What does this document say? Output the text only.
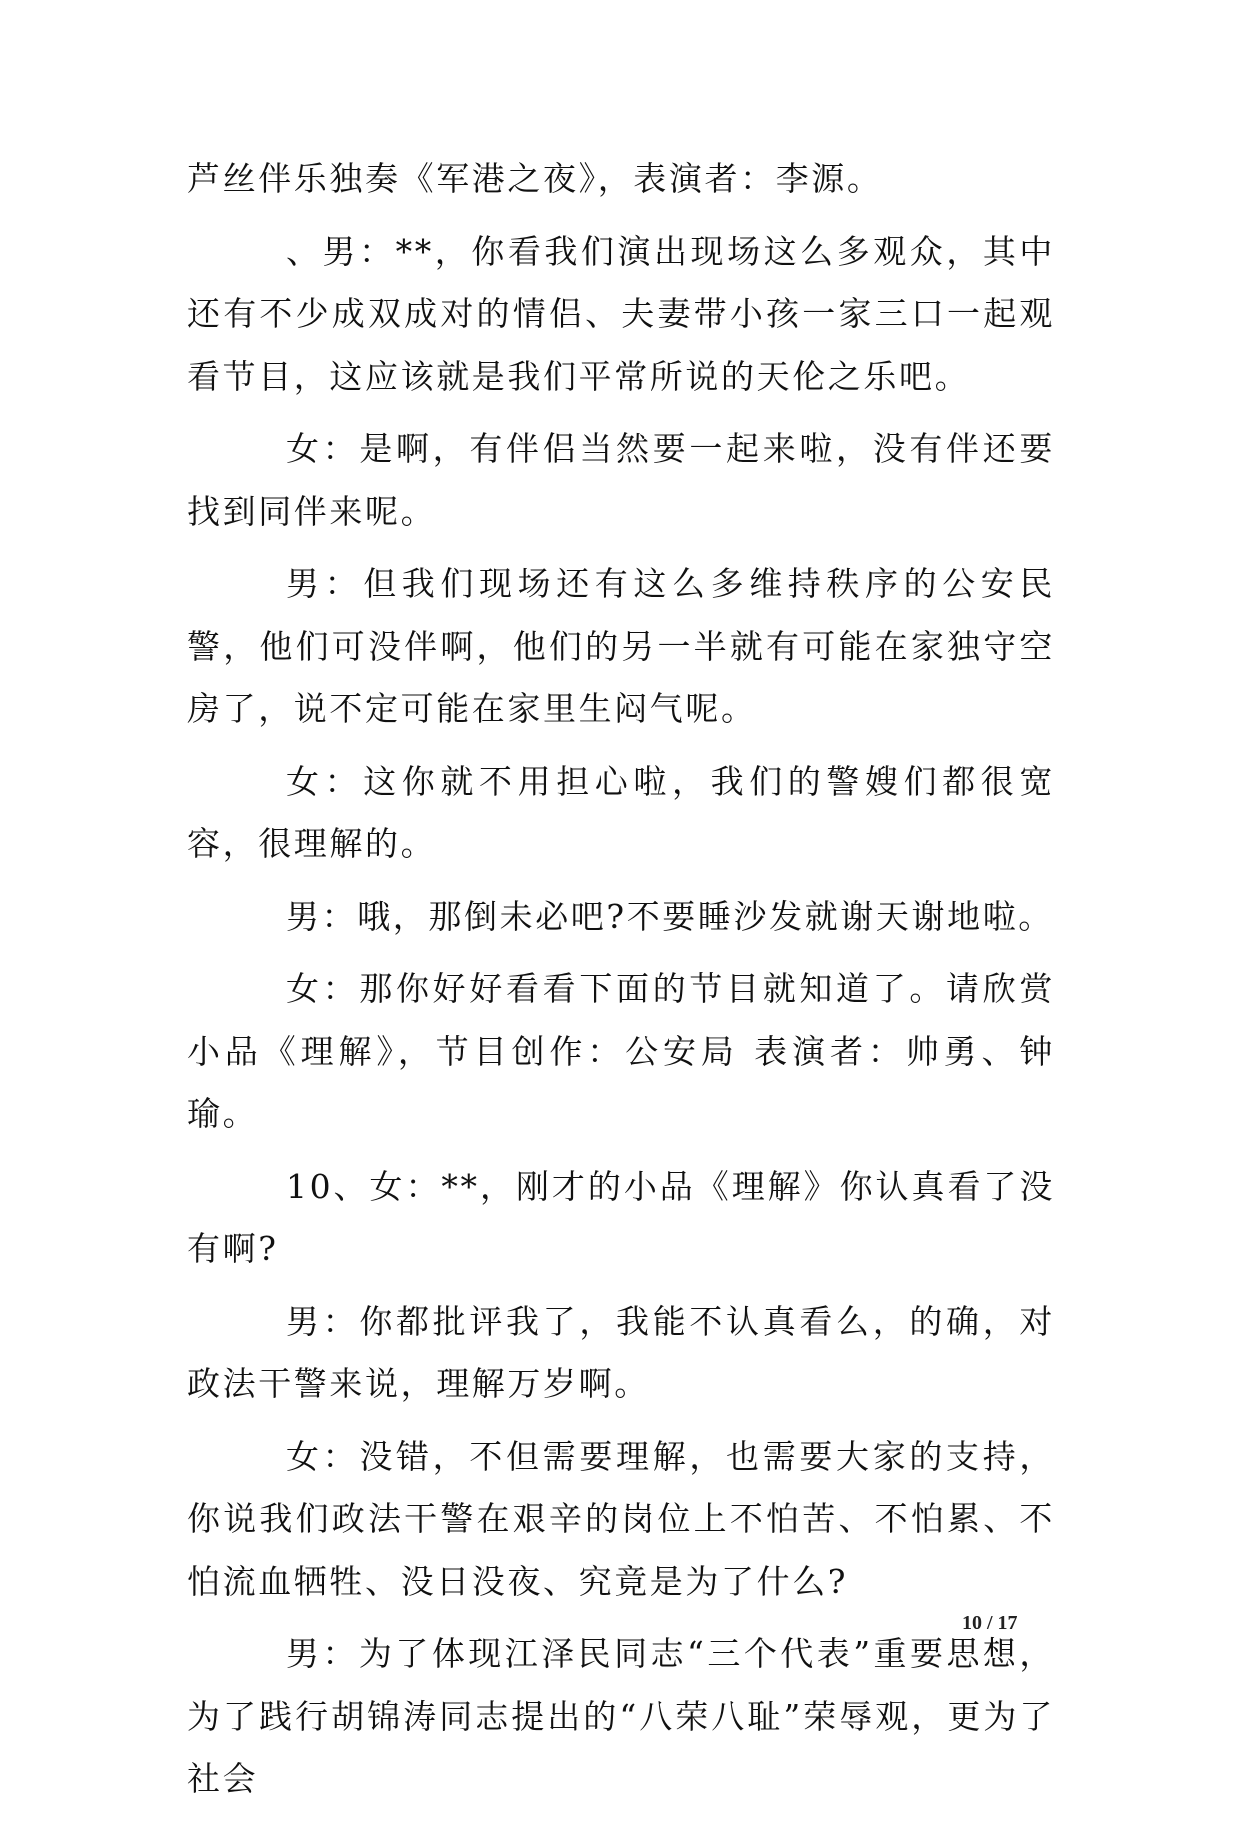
芦丝伴乐独奏《军港之夜》，表演者：李源。

、男：**，你看我们演出现场这么多观众，其中还有不少成双成对的情侣、夫妻带小孩一家三口一起观看节目，这应该就是我们平常所说的天伦之乐吧。

女：是啊，有伴侣当然要一起来啦，没有伴还要找到同伴来呢。

男：但我们现场还有这么多维持秩序的公安民警，他们可没伴啊，他们的另一半就有可能在家独守空房了，说不定可能在家里生闷气呢。

女：这你就不用担心啦，我们的警嫂们都很宽容，很理解的。

男：哦，那倒未必吧?不要睡沙发就谢天谢地啦。

女：那你好好看看下面的节目就知道了。请欣赏小品《理解》，节目创作：公安局 表演者：帅勇、钟瑜。

10、女：**，刚才的小品《理解》你认真看了没有啊?

男：你都批评我了，我能不认真看么，的确，对政法干警来说，理解万岁啊。

女：没错，不但需要理解，也需要大家的支持，你说我们政法干警在艰辛的岗位上不怕苦、不怕累、不怕流血牺牲、没日没夜、究竟是为了什么?

男：为了体现江泽民同志“三个代表”重要思想，为了践行胡锦涛同志提出的“八荣八耻”荣辱观，更为了社会

10 / 17
